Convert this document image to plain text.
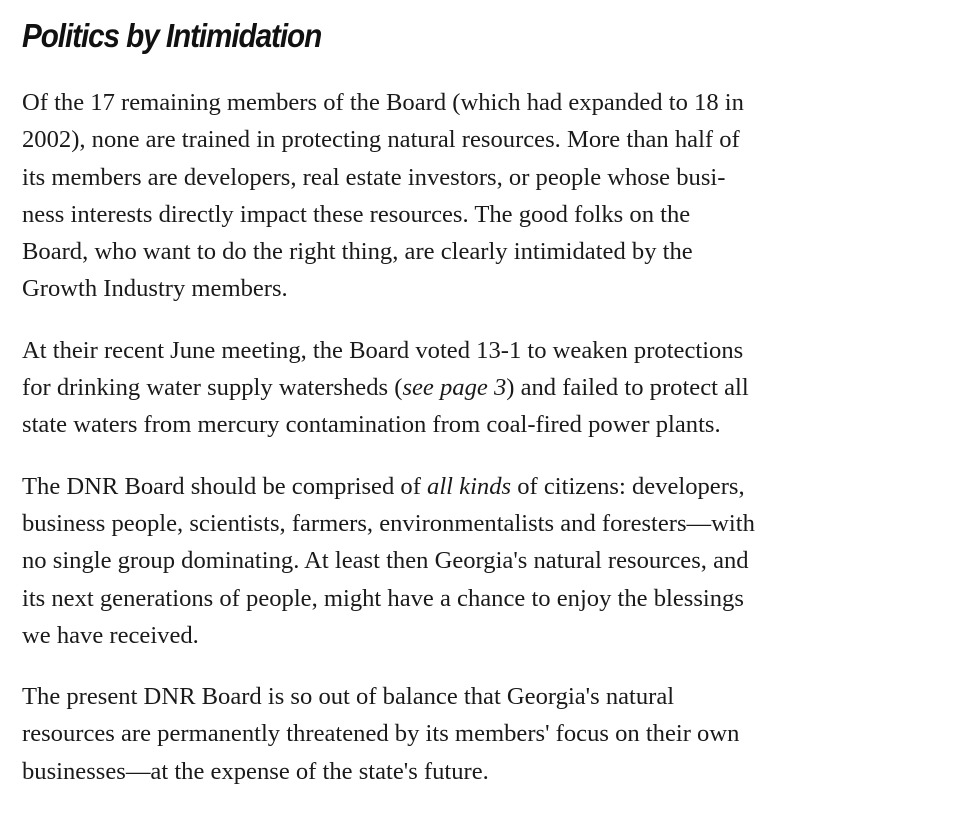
Politics by Intimidation

Of the 17 remaining members of the Board (which had expanded to 18 in
2002), none are trained in protecting natural resources. More than half of
its members are developers, real estate investors, or people whose busi-
ness interests directly impact these resources. The good folks on the
Board, who want to do the right thing, are clearly intimidated by the
Growth Industry members.

At their recent June meeting, the Board voted 13-1 to weaken protections
for drinking water supply watersheds (see page 3) and failed to protect all
state waters from mercury contamination from coal-fired power plants.

The DNR Board should be comprised of all kinds of citizens: developers,
business people, scientists, farmers, environmentalists and foresters—with
no single group dominating. At least then Georgia's natural resources, and
its next generations of people, might have a chance to enjoy the blessings
we have received.

The present DNR Board is so out of balance that Georgia's natural
resources are permanently threatened by its members' focus on their own
businesses—at the expense of the state's future.
